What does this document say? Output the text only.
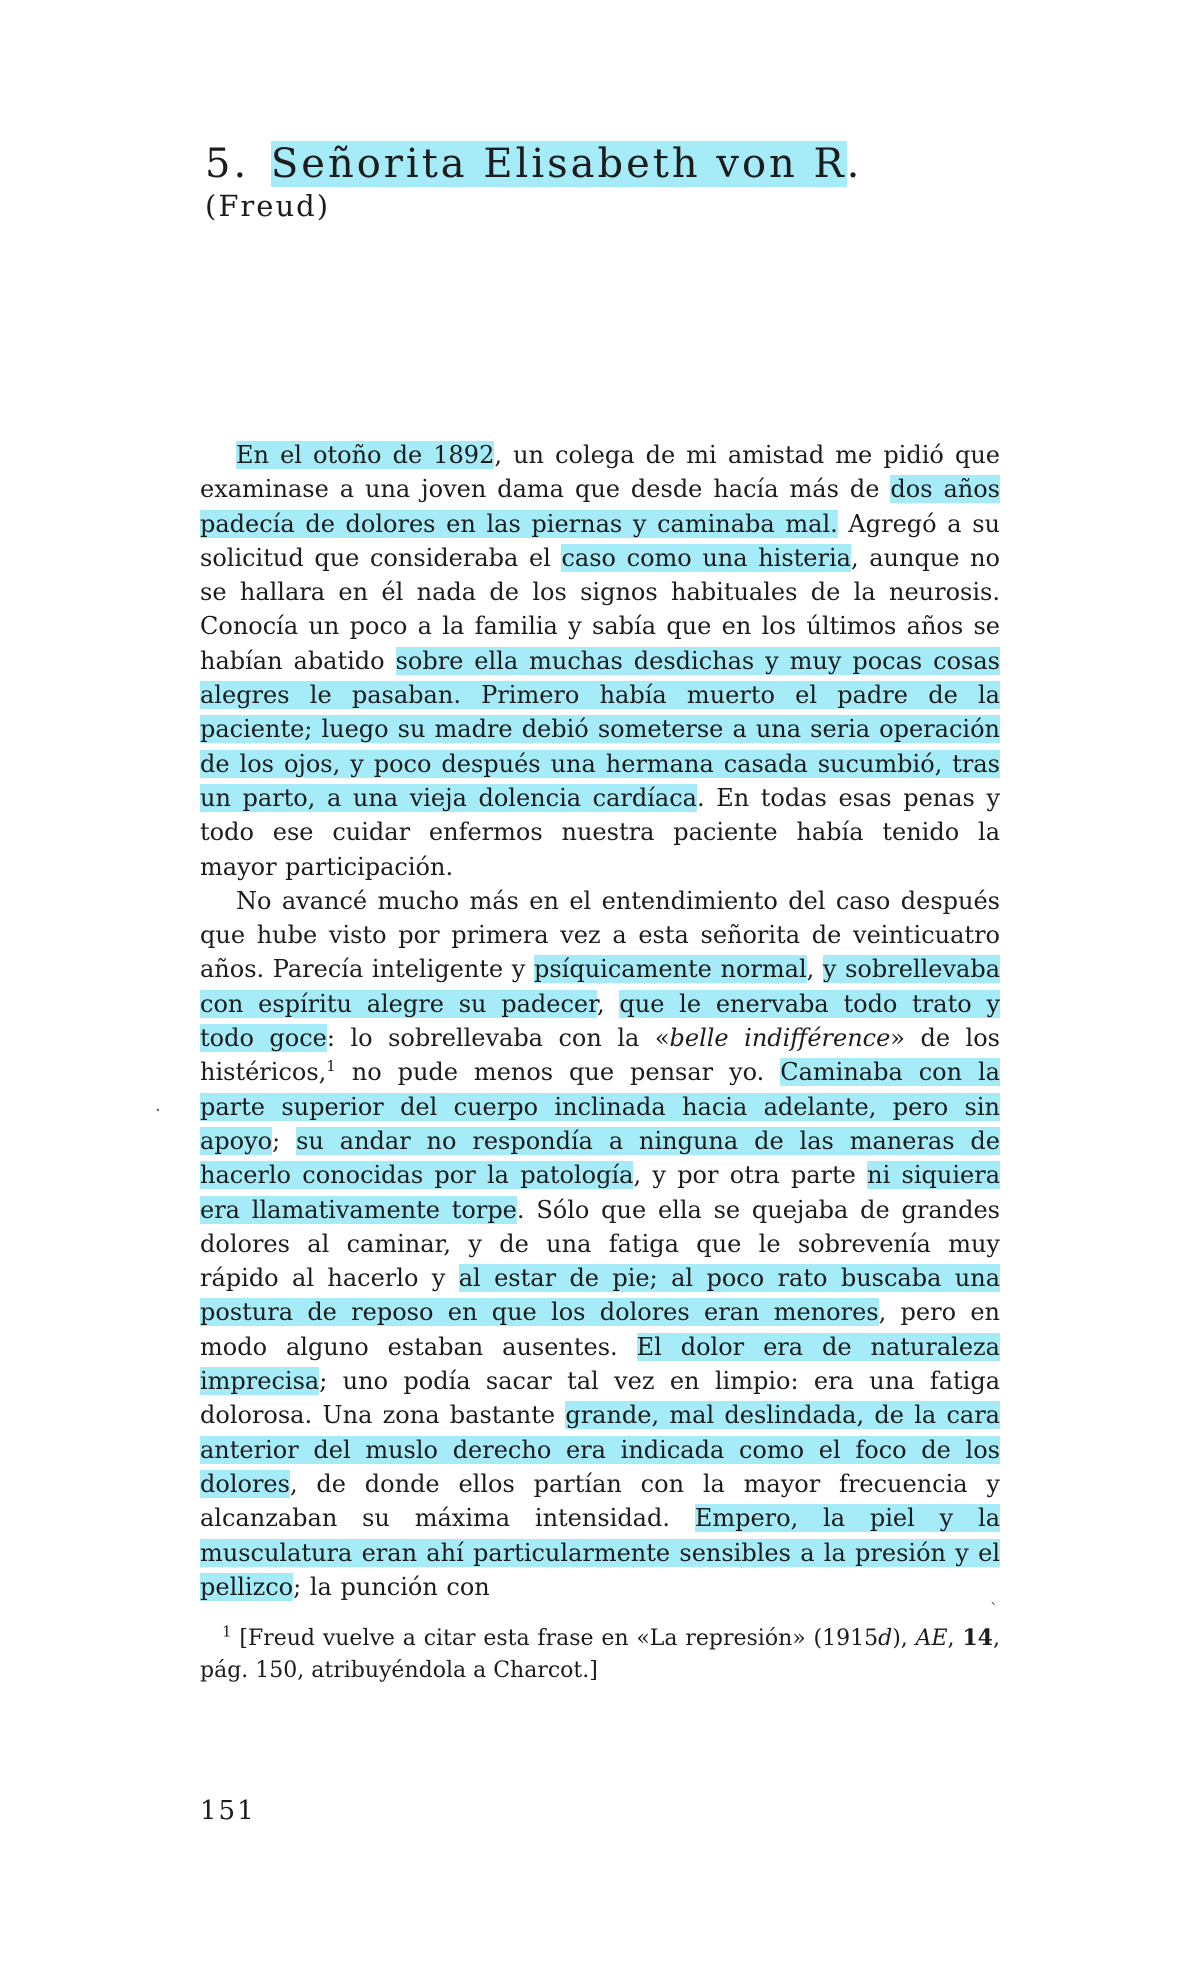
5. Señorita Elisabeth von R.
(Freud)

En el otoño de 1892, un colega de mi amistad me pidió que examinase a una joven dama que desde hacía más de dos años padecía de dolores en las piernas y caminaba mal. Agregó a su solicitud que consideraba el caso como una histeria, aunque no se hallara en él nada de los signos habituales de la neurosis. Conocía un poco a la familia y sabía que en los últimos años se habían abatido sobre ella muchas desdichas y muy pocas cosas alegres le pasaban. Primero había muerto el padre de la paciente; luego su madre debió someterse a una seria operación de los ojos, y poco después una hermana casada sucumbió, tras un parto, a una vieja dolencia cardíaca. En todas esas penas y todo ese cuidar enfermos nuestra paciente había tenido la mayor participación.

No avancé mucho más en el entendimiento del caso después que hube visto por primera vez a esta señorita de veinticuatro años. Parecía inteligente y psíquicamente normal, y sobrellevaba con espíritu alegre su padecer, que le enervaba todo trato y todo goce: lo sobrellevaba con la «belle indifférence» de los histéricos,$^1$ no pude menos que pensar yo. Caminaba con la parte superior del cuerpo inclinada hacia adelante, pero sin apoyo; su andar no respondía a ninguna de las maneras de hacerlo conocidas por la patología, y por otra parte ni siquiera era llamativamente torpe. Sólo que ella se quejaba de grandes dolores al caminar, y de una fatiga que le sobrevenía muy rápido al hacerlo y al estar de pie; al poco rato buscaba una postura de reposo en que los dolores eran menores, pero en modo alguno estaban ausentes. El dolor era de naturaleza imprecisa; uno podía sacar tal vez en limpio: era una fatiga dolorosa. Una zona bastante grande, mal deslindada, de la cara anterior del muslo derecho era indicada como el foco de los dolores, de donde ellos partían con la mayor frecuencia y alcanzaban su máxima intensidad. Empero, la piel y la musculatura eran ahí particularmente sensibles a la presión y el pellizco; la punción con

·
`

$^1$ [Freud vuelve a citar esta frase en «La represión» (1915d), AE, 14, pág. 150, atribuyéndola a Charcot.]

151
